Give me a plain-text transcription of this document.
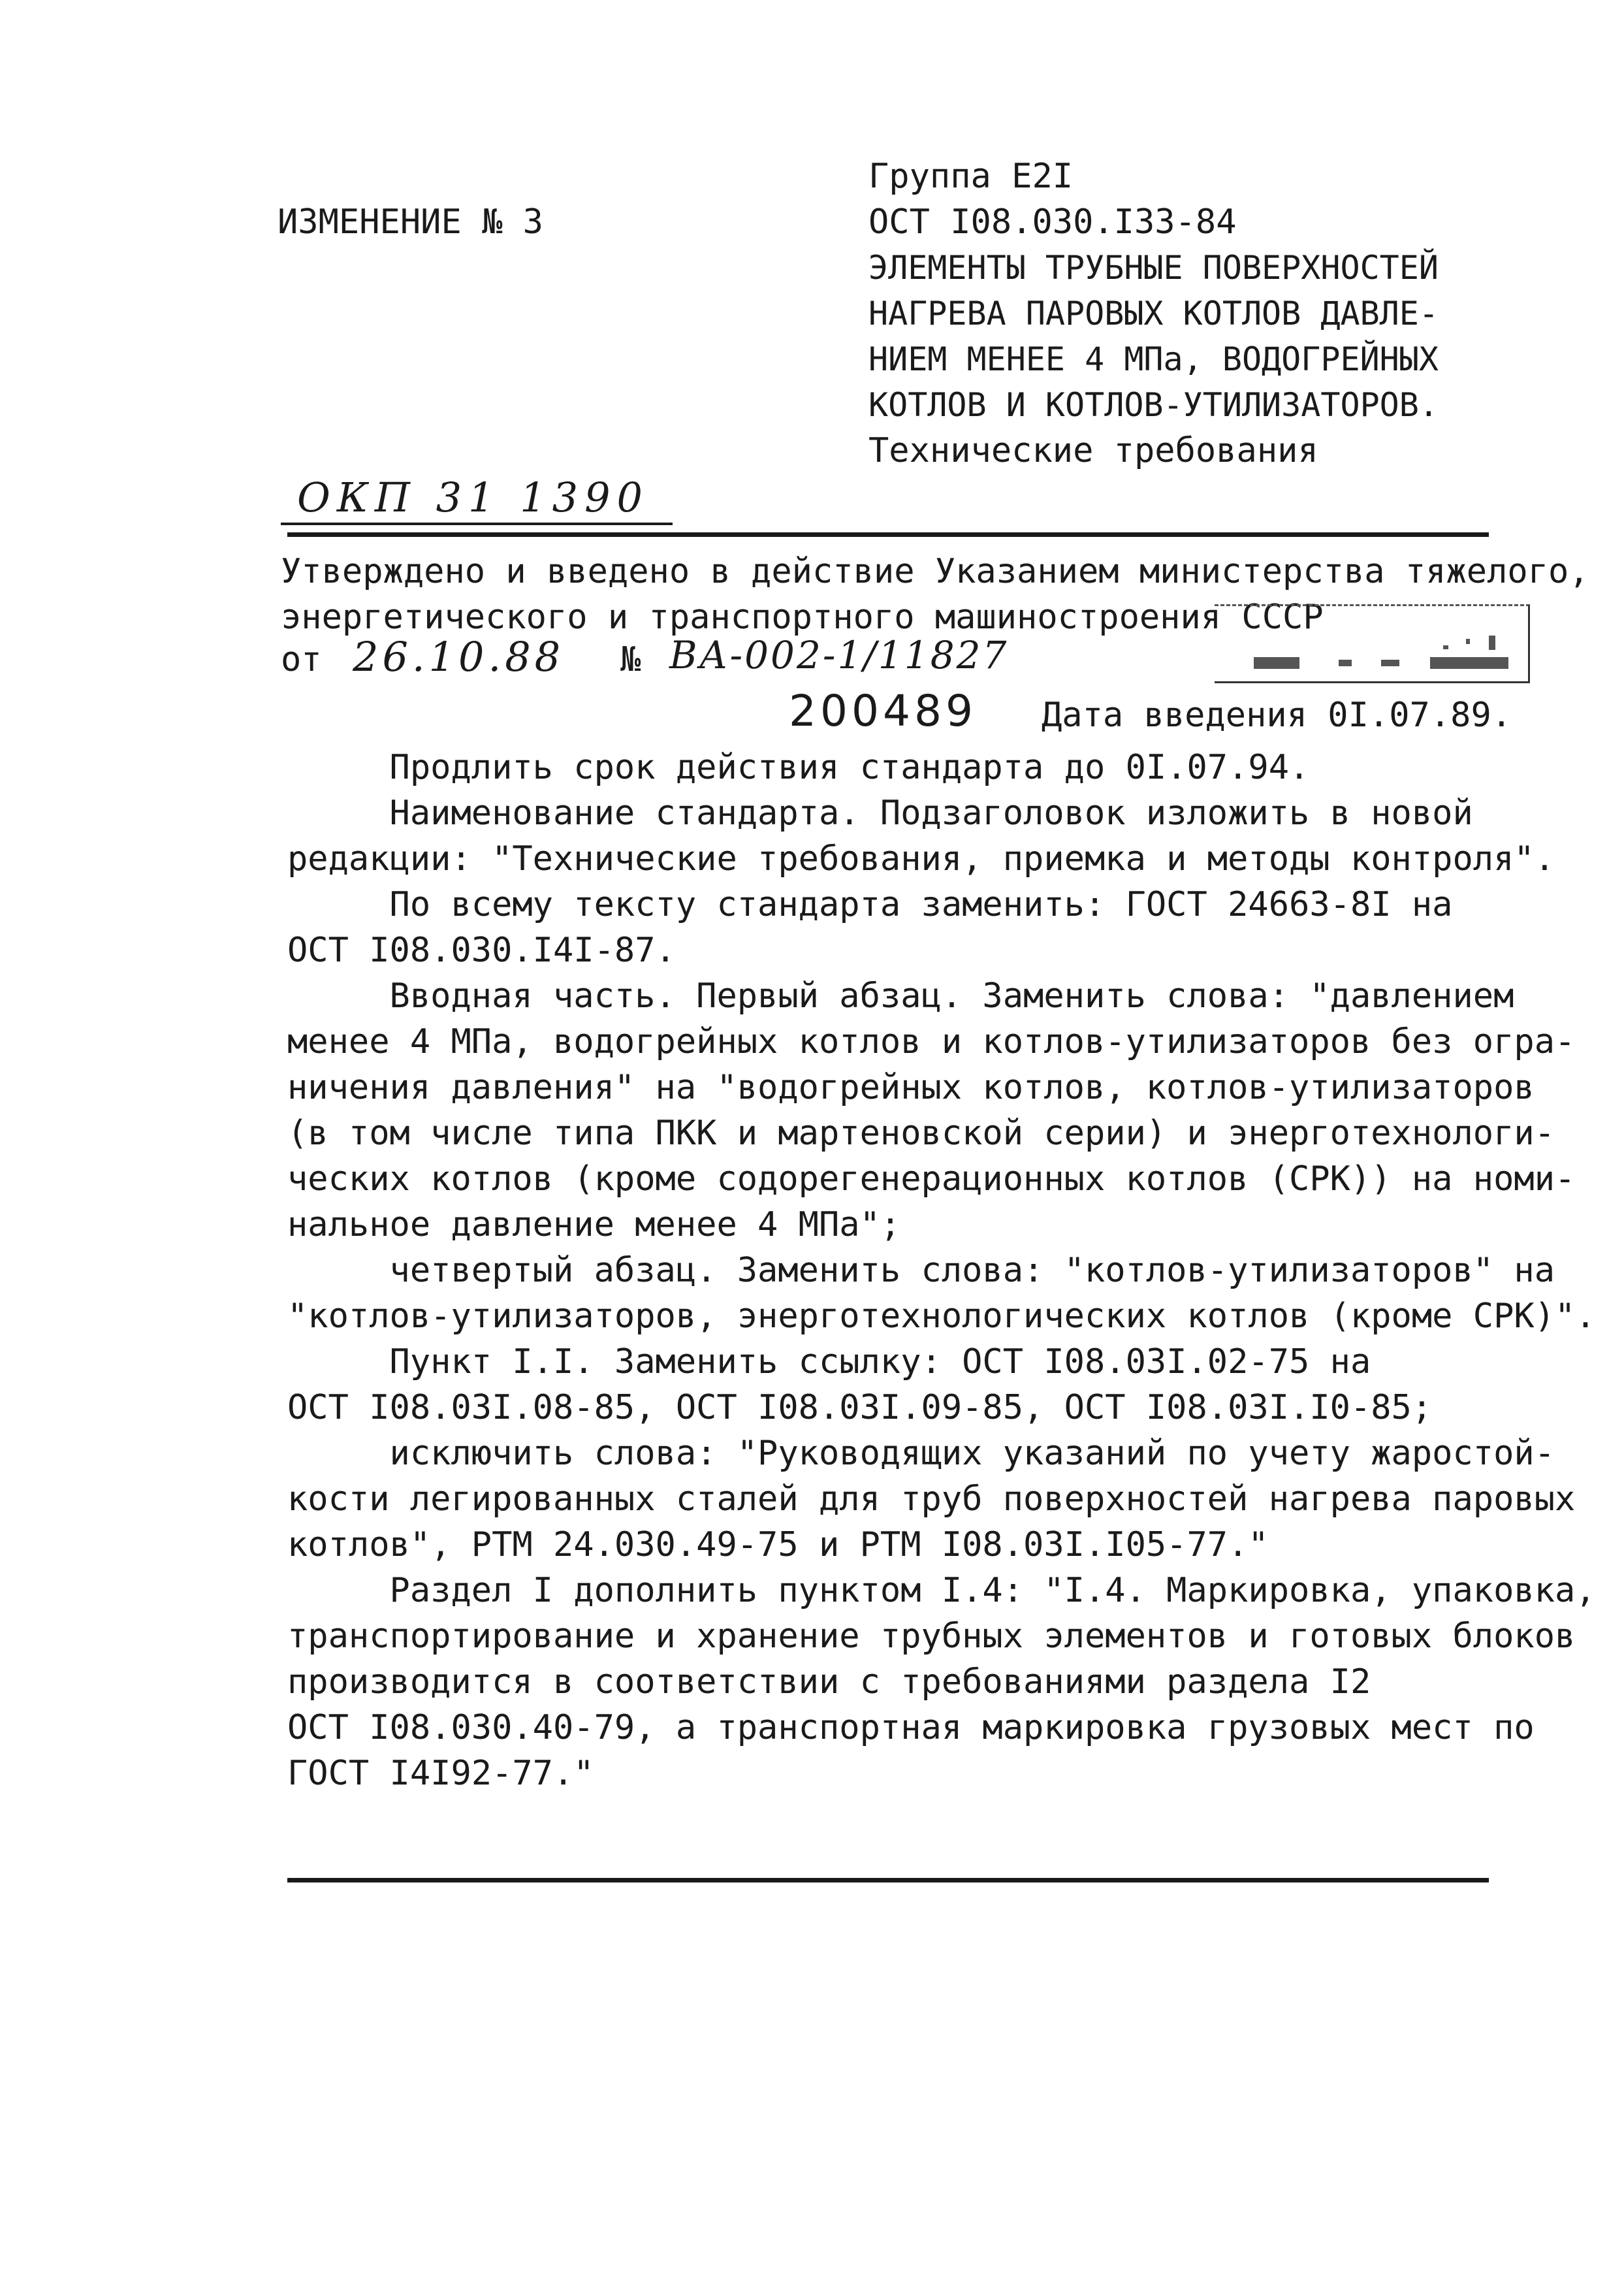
ИЗМЕНЕНИЕ № 3
Группа Е2I
ОСТ I08.030.I33-84
ЭЛЕМЕНТЫ ТРУБНЫЕ ПОВЕРХНОСТЕЙ
НАГРЕВА ПАРОВЫХ КОТЛОВ ДАВЛЕ-
НИЕМ МЕНЕЕ 4 МПа, ВОДОГРЕЙНЫХ
КОТЛОВ И КОТЛОВ-УТИЛИЗАТОРОВ.
Технические требования
ОКП 31 1390
Утверждено и введено в действие Указанием министерства тяжелого,
энергетического и транспортного машиностроения СССР
от 26.10.88 № ВА-002-1/11827
200489 Дата введения 0I.07.89.
Продлить срок действия стандарта до 0I.07.94.
Наименование стандарта. Подзаголовок изложить в новой
редакции: "Технические требования, приемка и методы контроля".
По всему тексту стандарта заменить: ГОСТ 24663-8I на
ОСТ I08.030.I4I-87.
Вводная часть. Первый абзац. Заменить слова: "давлением
менее 4 МПа, водогрейных котлов и котлов-утилизаторов без огра-
ничения давления" на "водогрейных котлов, котлов-утилизаторов
(в том числе типа ПКК и мартеновской серии) и энерготехнологи-
ческих котлов (кроме содорегенерационных котлов (СРК)) на номи-
нальное давление менее 4 МПа";
четвертый абзац. Заменить слова: "котлов-утилизаторов" на
"котлов-утилизаторов, энерготехнологических котлов (кроме СРК)".
Пункт I.I. Заменить ссылку: ОСТ I08.03I.02-75 на
ОСТ I08.03I.08-85, ОСТ I08.03I.09-85, ОСТ I08.03I.I0-85;
исключить слова: "Руководящих указаний по учету жаростой-
кости легированных сталей для труб поверхностей нагрева паровых
котлов", РТМ 24.030.49-75 и РТМ I08.03I.I05-77."
Раздел I дополнить пунктом I.4: "I.4. Маркировка, упаковка,
транспортирование и хранение трубных элементов и готовых блоков
производится в соответствии с требованиями раздела I2
ОСТ I08.030.40-79, а транспортная маркировка грузовых мест по
ГОСТ I4I92-77."
